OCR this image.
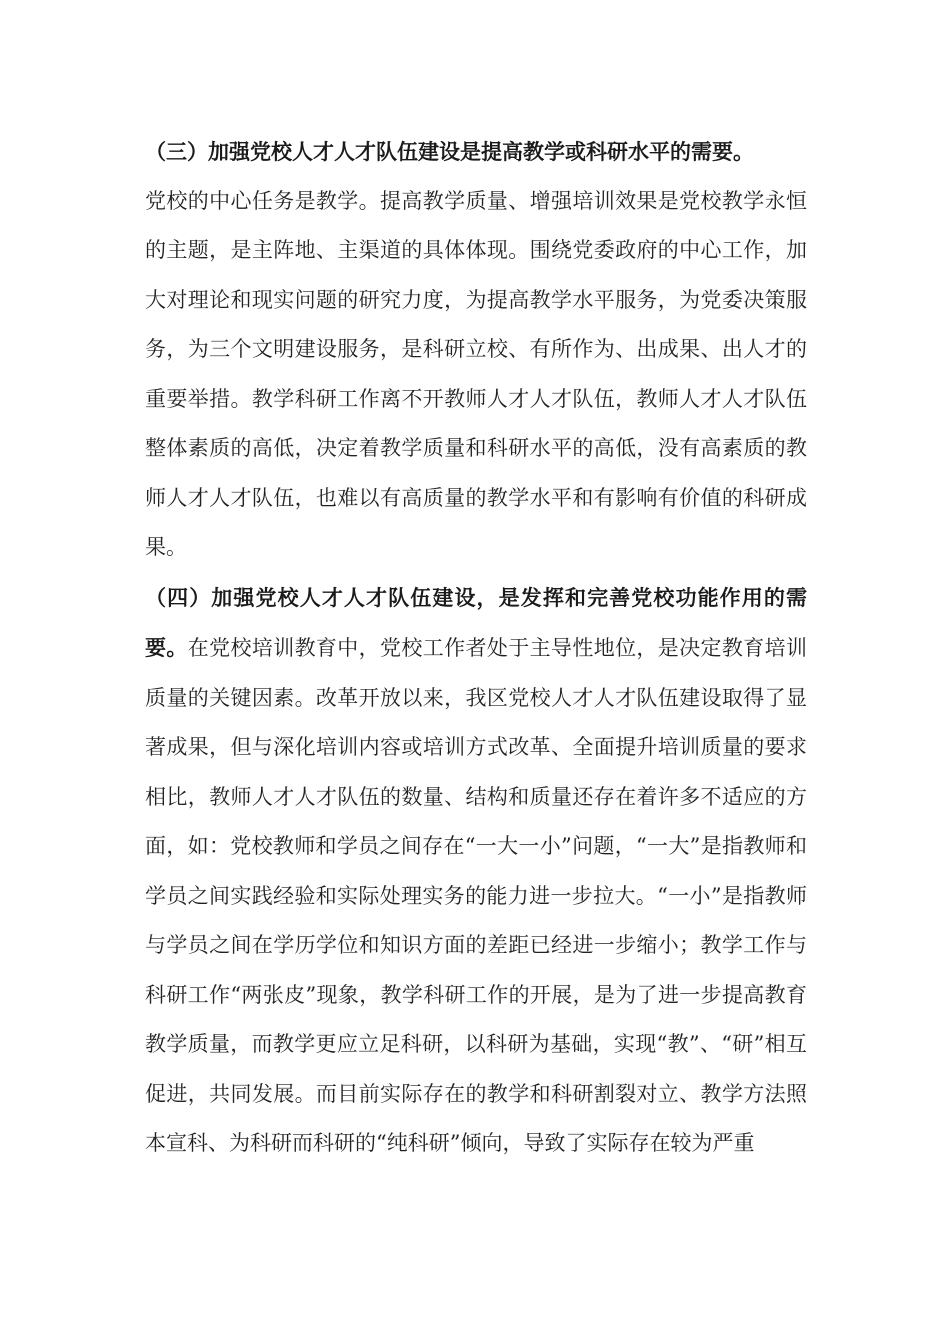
（三）加强党校人才人才队伍建设是提高教学或科研水平的需要。

党校的中心任务是教学。提高教学质量、增强培训效果是党校教学永恒的主题，是主阵地、主渠道的具体体现。围绕党委政府的中心工作，加大对理论和现实问题的研究力度，为提高教学水平服务，为党委决策服务，为三个文明建设服务，是科研立校、有所作为、出成果、出人才的重要举措。教学科研工作离不开教师人才人才队伍，教师人才人才队伍整体素质的高低，决定着教学质量和科研水平的高低，没有高素质的教师人才人才队伍，也难以有高质量的教学水平和有影响有价值的科研成果。

（四）加强党校人才人才队伍建设，是发挥和完善党校功能作用的需要。在党校培训教育中，党校工作者处于主导性地位，是决定教育培训质量的关键因素。改革开放以来，我区党校人才人才队伍建设取得了显著成果，但与深化培训内容或培训方式改革、全面提升培训质量的要求相比，教师人才人才队伍的数量、结构和质量还存在着许多不适应的方面，如：党校教师和学员之间存在“一大一小”问题，“一大”是指教师和学员之间实践经验和实际处理实务的能力进一步拉大。“一小”是指教师与学员之间在学历学位和知识方面的差距已经进一步缩小；教学工作与科研工作“两张皮”现象，教学科研工作的开展，是为了进一步提高教育教学质量，而教学更应立足科研，以科研为基础，实现“教”、“研”相互促进，共同发展。而目前实际存在的教学和科研割裂对立、教学方法照本宣科、为科研而科研的“纯科研”倾向，导致了实际存在较为严重
